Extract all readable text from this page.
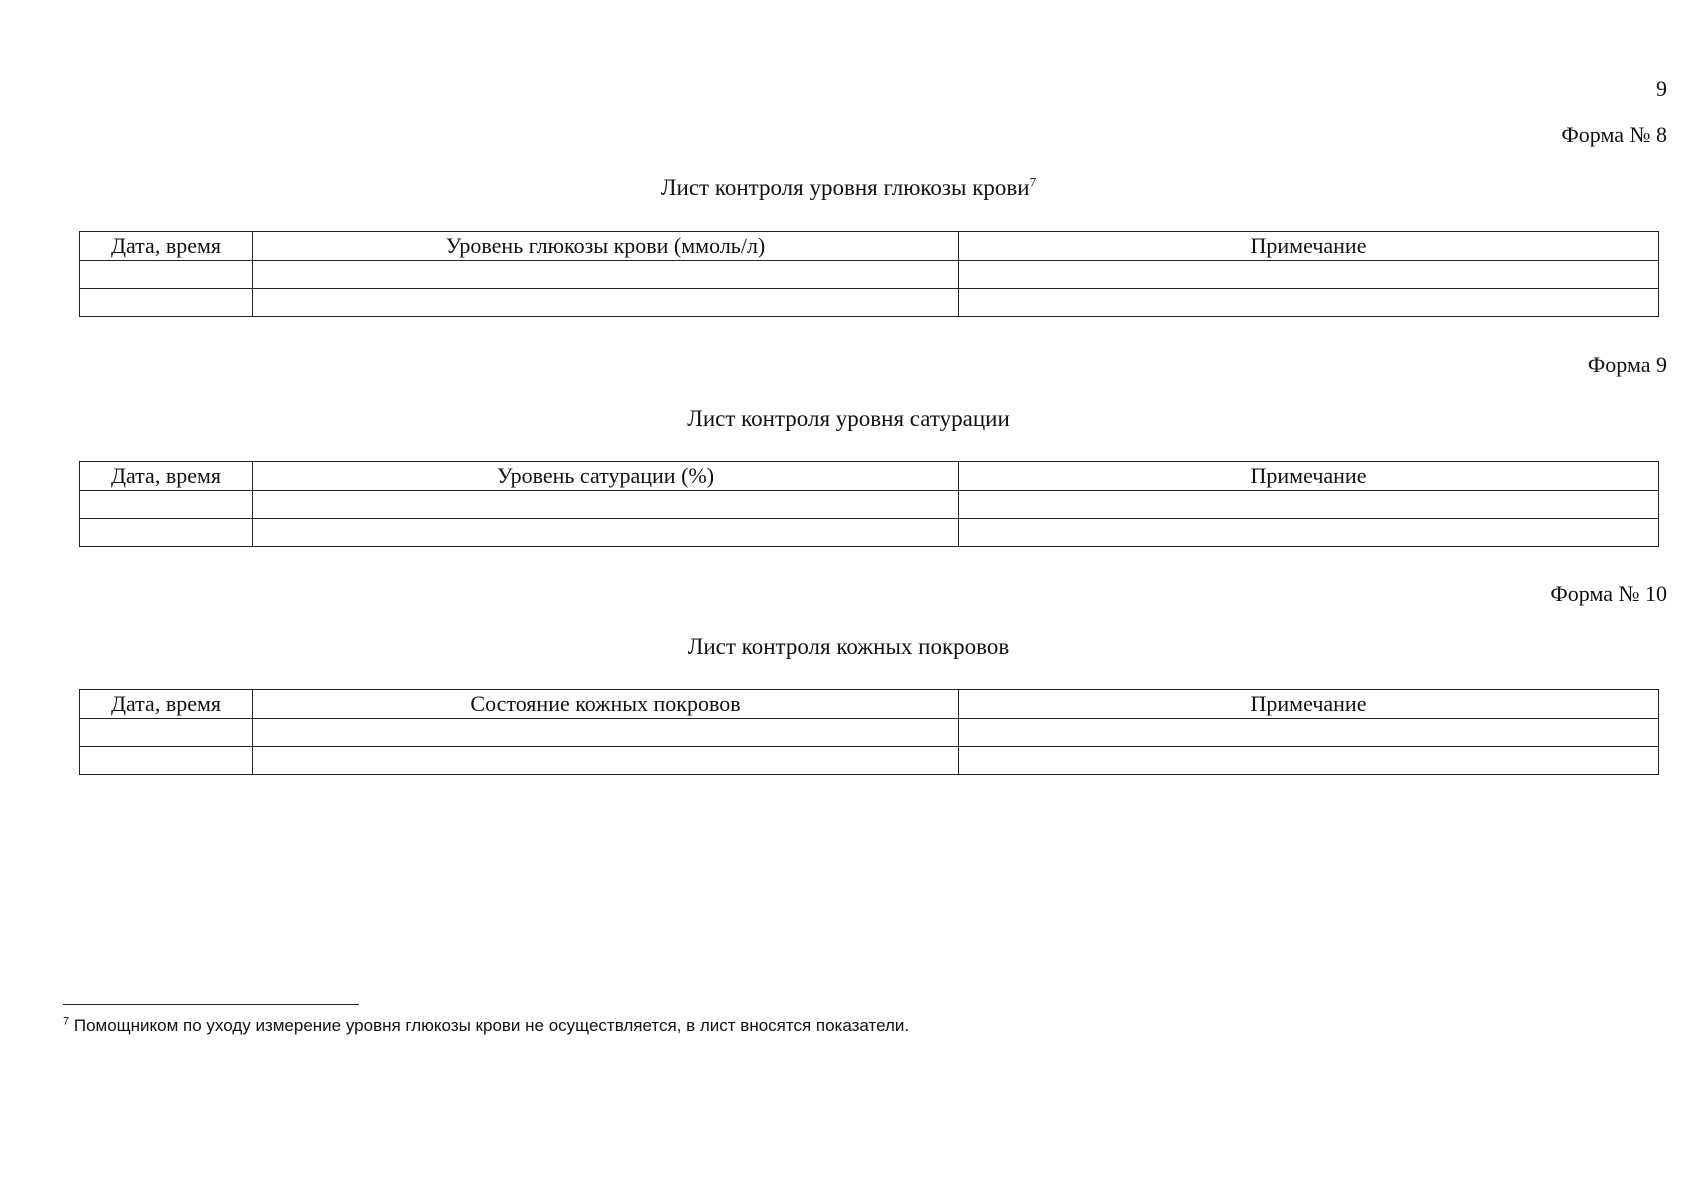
9
Форма № 8
Лист контроля уровня глюкозы крови$^7$
Дата, время	Уровень глюкозы крови (ммоль/л)	Примечание

Форма 9
Лист контроля уровня сатурации
Дата, время	Уровень сатурации (%)	Примечание

Форма № 10
Лист контроля кожных покровов
Дата, время	Состояние кожных покровов	Примечание

$^7$ Помощником по уходу измерение уровня глюкозы крови не осуществляется, в лист вносятся показатели.
